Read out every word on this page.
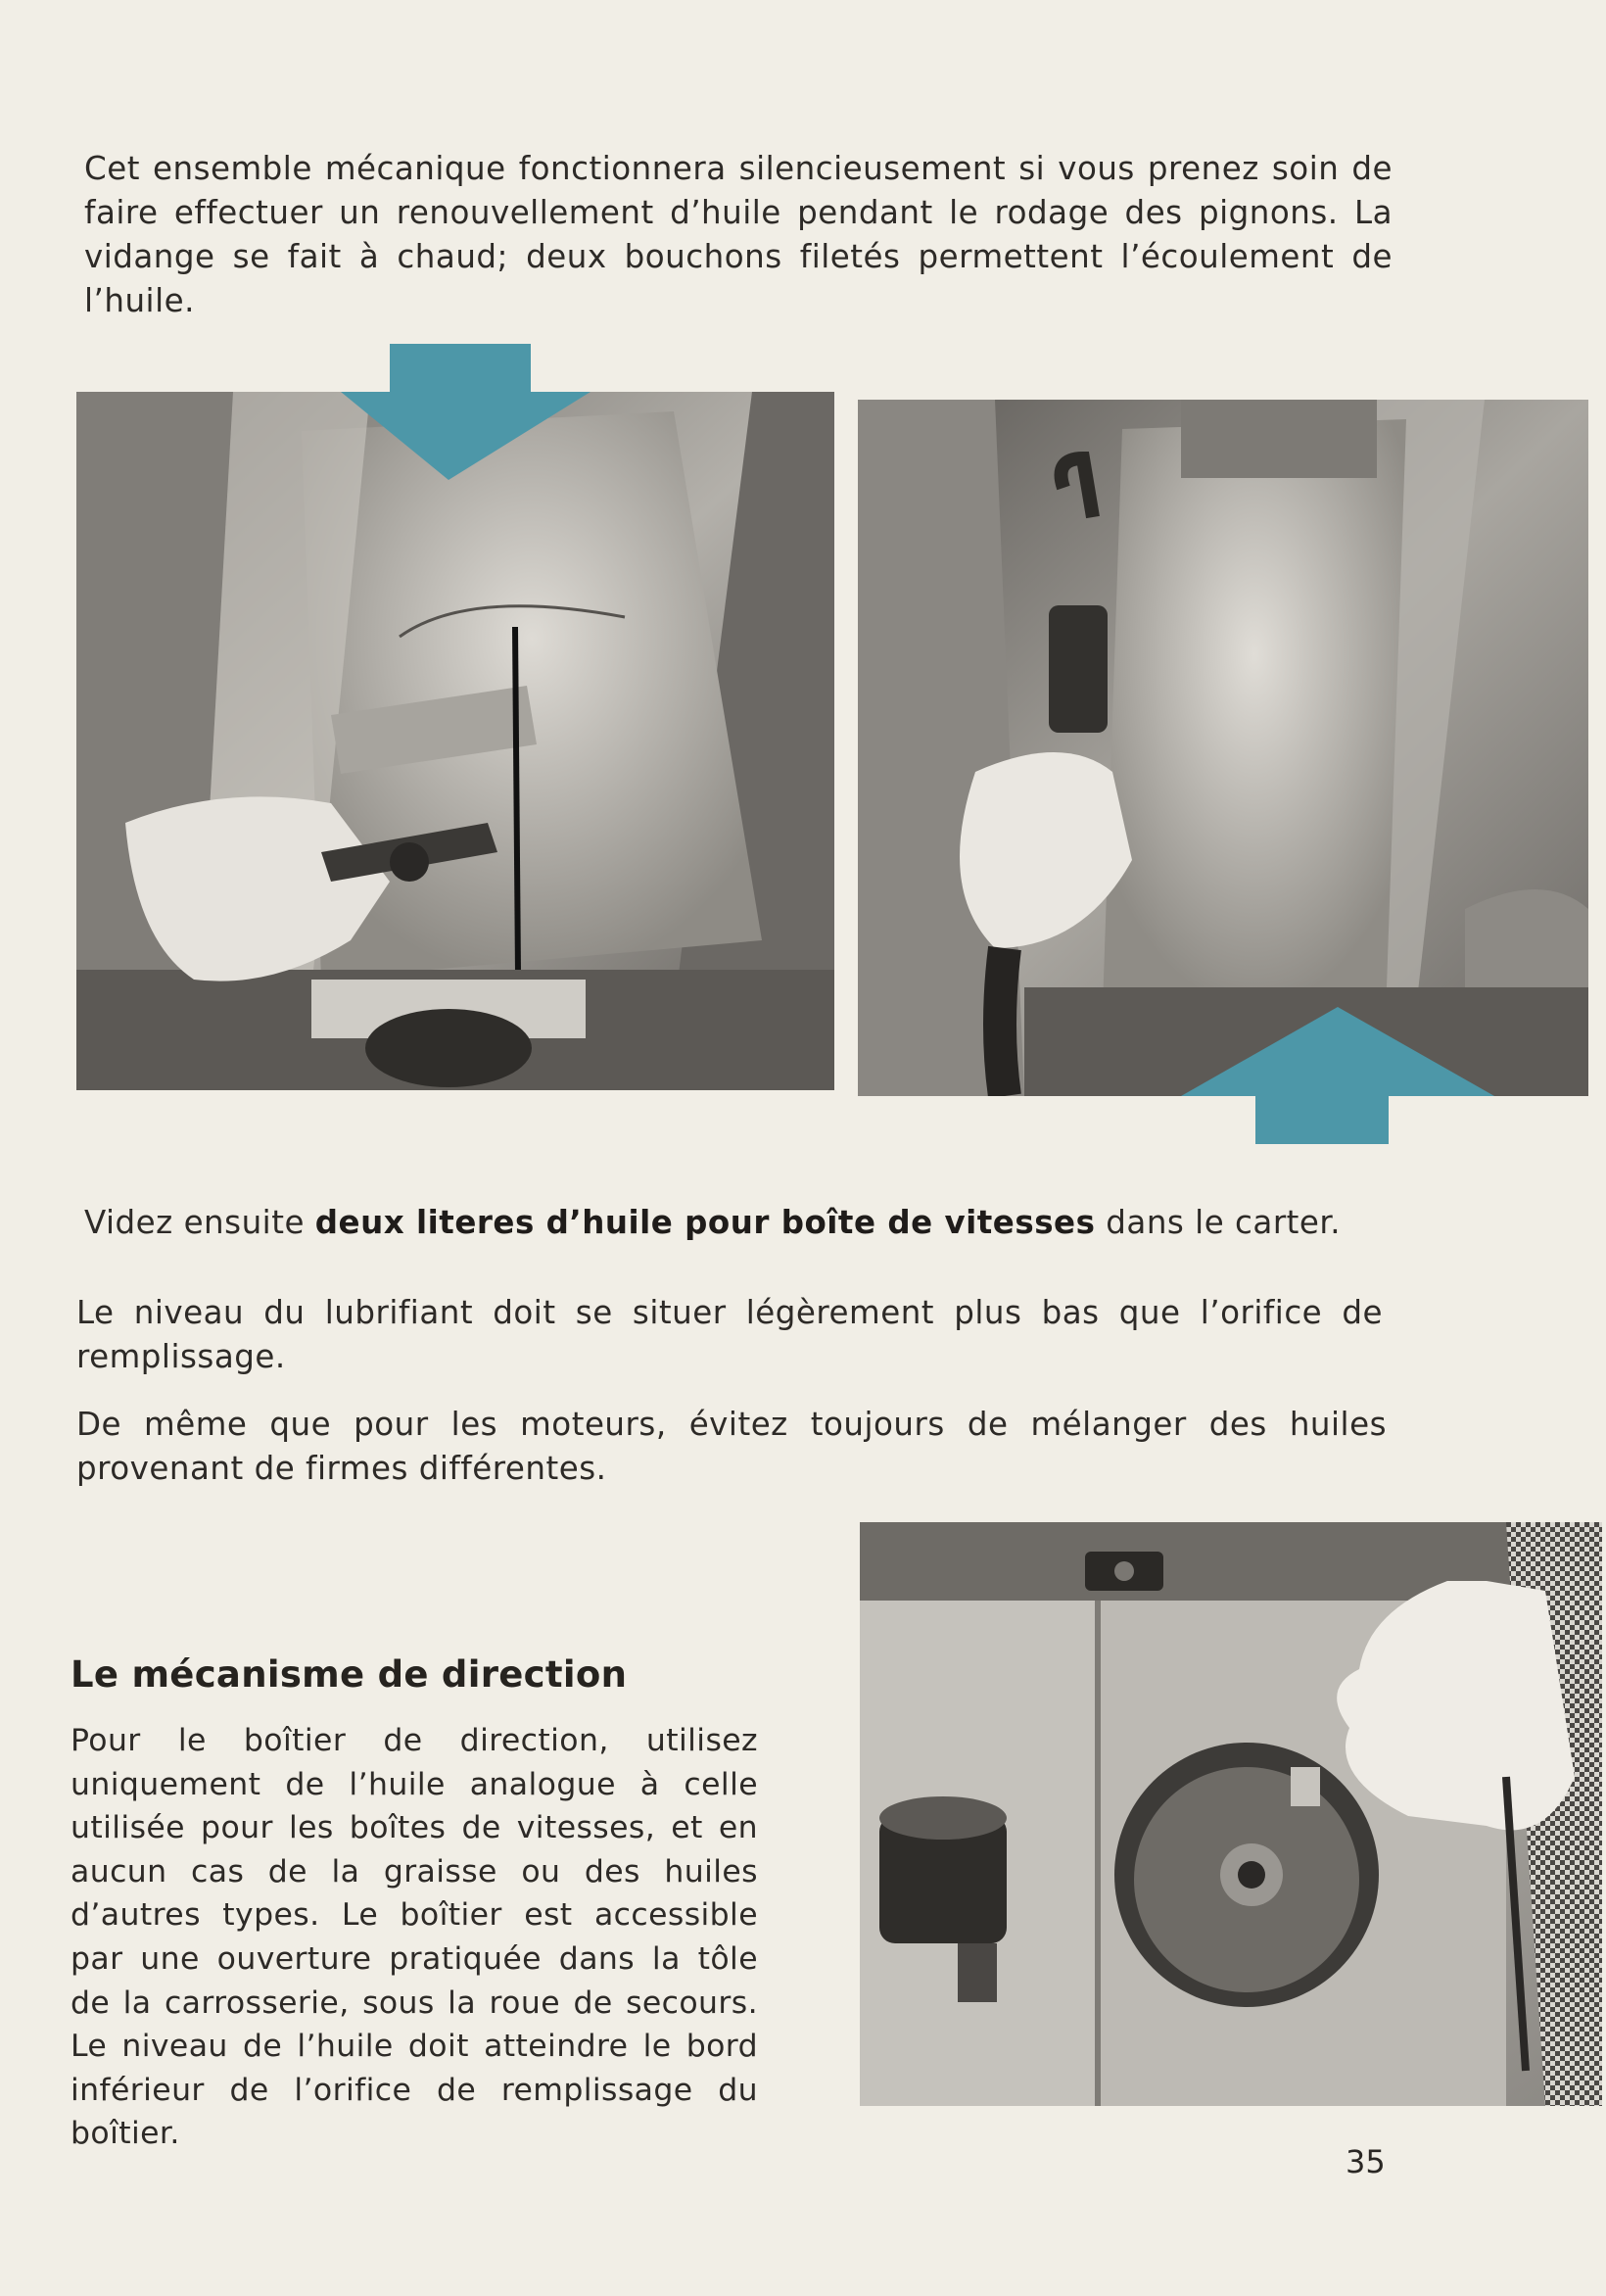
Cet ensemble mécanique fonctionnera silencieusement si vous prenez soin de faire effectuer un renouvellement d’huile pendant le rodage des pignons. La vidange se fait à chaud; deux bouchons filetés permettent l’écoulement de l’huile.

Videz ensuite deux literes d’huile pour boîte de vitesses dans le carter.

Le niveau du lubrifiant doit se situer légèrement plus bas que l’orifice de remplissage.

De même que pour les moteurs, évitez toujours de mélanger des huiles provenant de firmes différentes.

Le mécanisme de direction

Pour le boîtier de direction, utilisez uniquement de l’huile analogue à celle utilisée pour les boîtes de vitesses, et en aucun cas de la graisse ou des huiles d’autres types. Le boîtier est accessible par une ouverture pratiquée dans la tôle de la carrosserie, sous la roue de secours. Le niveau de l’huile doit atteindre le bord inférieur de l’orifice de remplissage du boîtier.

35
